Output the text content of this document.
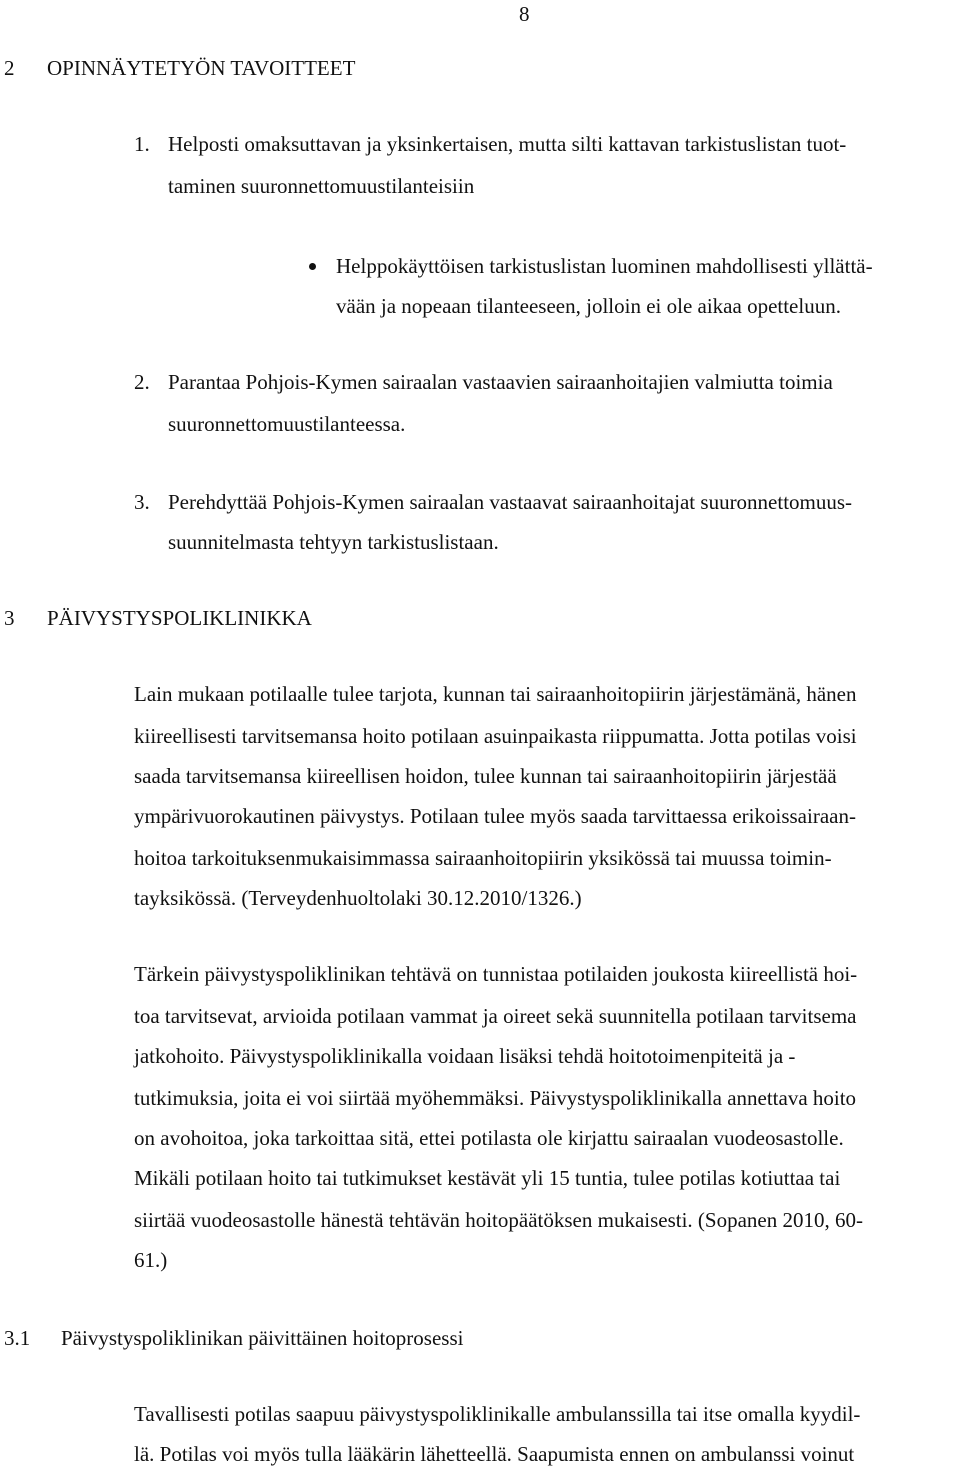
8
2 OPINNÄYTETYÖN TAVOITTEET
1. Helposti omaksuttavan ja yksinkertaisen, mutta silti kattavan tarkistuslistan tuot-
taminen suuronnettomuustilanteisiin
Helppokäyttöisen tarkistuslistan luominen mahdollisesti yllättä-
vään ja nopeaan tilanteeseen, jolloin ei ole aikaa opetteluun.
2. Parantaa Pohjois-Kymen sairaalan vastaavien sairaanhoitajien valmiutta toimia
suuronnettomuustilanteessa.
3. Perehdyttää Pohjois-Kymen sairaalan vastaavat sairaanhoitajat suuronnettomuus-
suunnitelmasta tehtyyn tarkistuslistaan.
3 PÄIVYSTYSPOLIKLINIKKA
Lain mukaan potilaalle tulee tarjota, kunnan tai sairaanhoitopiirin järjestämänä, hänen
kiireellisesti tarvitsemansa hoito potilaan asuinpaikasta riippumatta. Jotta potilas voisi
saada tarvitsemansa kiireellisen hoidon, tulee kunnan tai sairaanhoitopiirin järjestää
ympärivuorokautinen päivystys. Potilaan tulee myös saada tarvittaessa erikoissairaan-
hoitoa tarkoituksenmukaisimmassa sairaanhoitopiirin yksikössä tai muussa toimin-
tayksikössä. (Terveydenhuoltolaki 30.12.2010/1326.)
Tärkein päivystyspoliklinikan tehtävä on tunnistaa potilaiden joukosta kiireellistä hoi-
toa tarvitsevat, arvioida potilaan vammat ja oireet sekä suunnitella potilaan tarvitsema
jatkohoito. Päivystyspoliklinikalla voidaan lisäksi tehdä hoitotoimenpiteitä ja -
tutkimuksia, joita ei voi siirtää myöhemmäksi. Päivystyspoliklinikalla annettava hoito
on avohoitoa, joka tarkoittaa sitä, ettei potilasta ole kirjattu sairaalan vuodeosastolle.
Mikäli potilaan hoito tai tutkimukset kestävät yli 15 tuntia, tulee potilas kotiuttaa tai
siirtää vuodeosastolle hänestä tehtävän hoitopäätöksen mukaisesti. (Sopanen 2010, 60-
61.)
3.1 Päivystyspoliklinikan päivittäinen hoitoprosessi
Tavallisesti potilas saapuu päivystyspoliklinikalle ambulanssilla tai itse omalla kyydil-
lä. Potilas voi myös tulla lääkärin lähetteellä. Saapumista ennen on ambulanssi voinut
